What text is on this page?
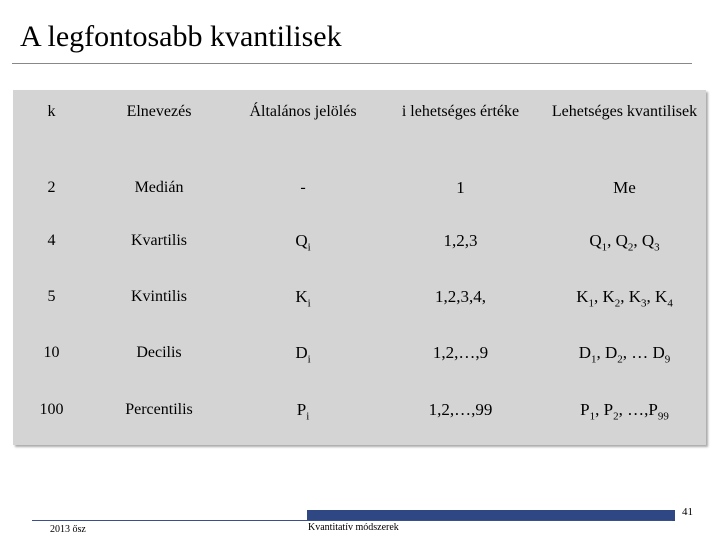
A legfontosabb kvantilisek
k	Elnevezés	Általános jelölés	i lehetséges értéke	Lehetséges kvantilisek
2	Medián	-	1	Me
4	Kvartilis	$Q_i$	1,2,3	$Q_1$, $Q_2$, $Q_3$
5	Kvintilis	$K_i$	1,2,3,4,	$K_1$, $K_2$, $K_3$, $K_4$
10	Decilis	$D_i$	1,2,…,9	$D_1$, $D_2$, … $D_9$
100	Percentilis	$P_i$	1,2,…,99	$P_1$, $P_2$, $\dots,P_{99}$
41
2013 ősz	Kvantitatív módszerek
